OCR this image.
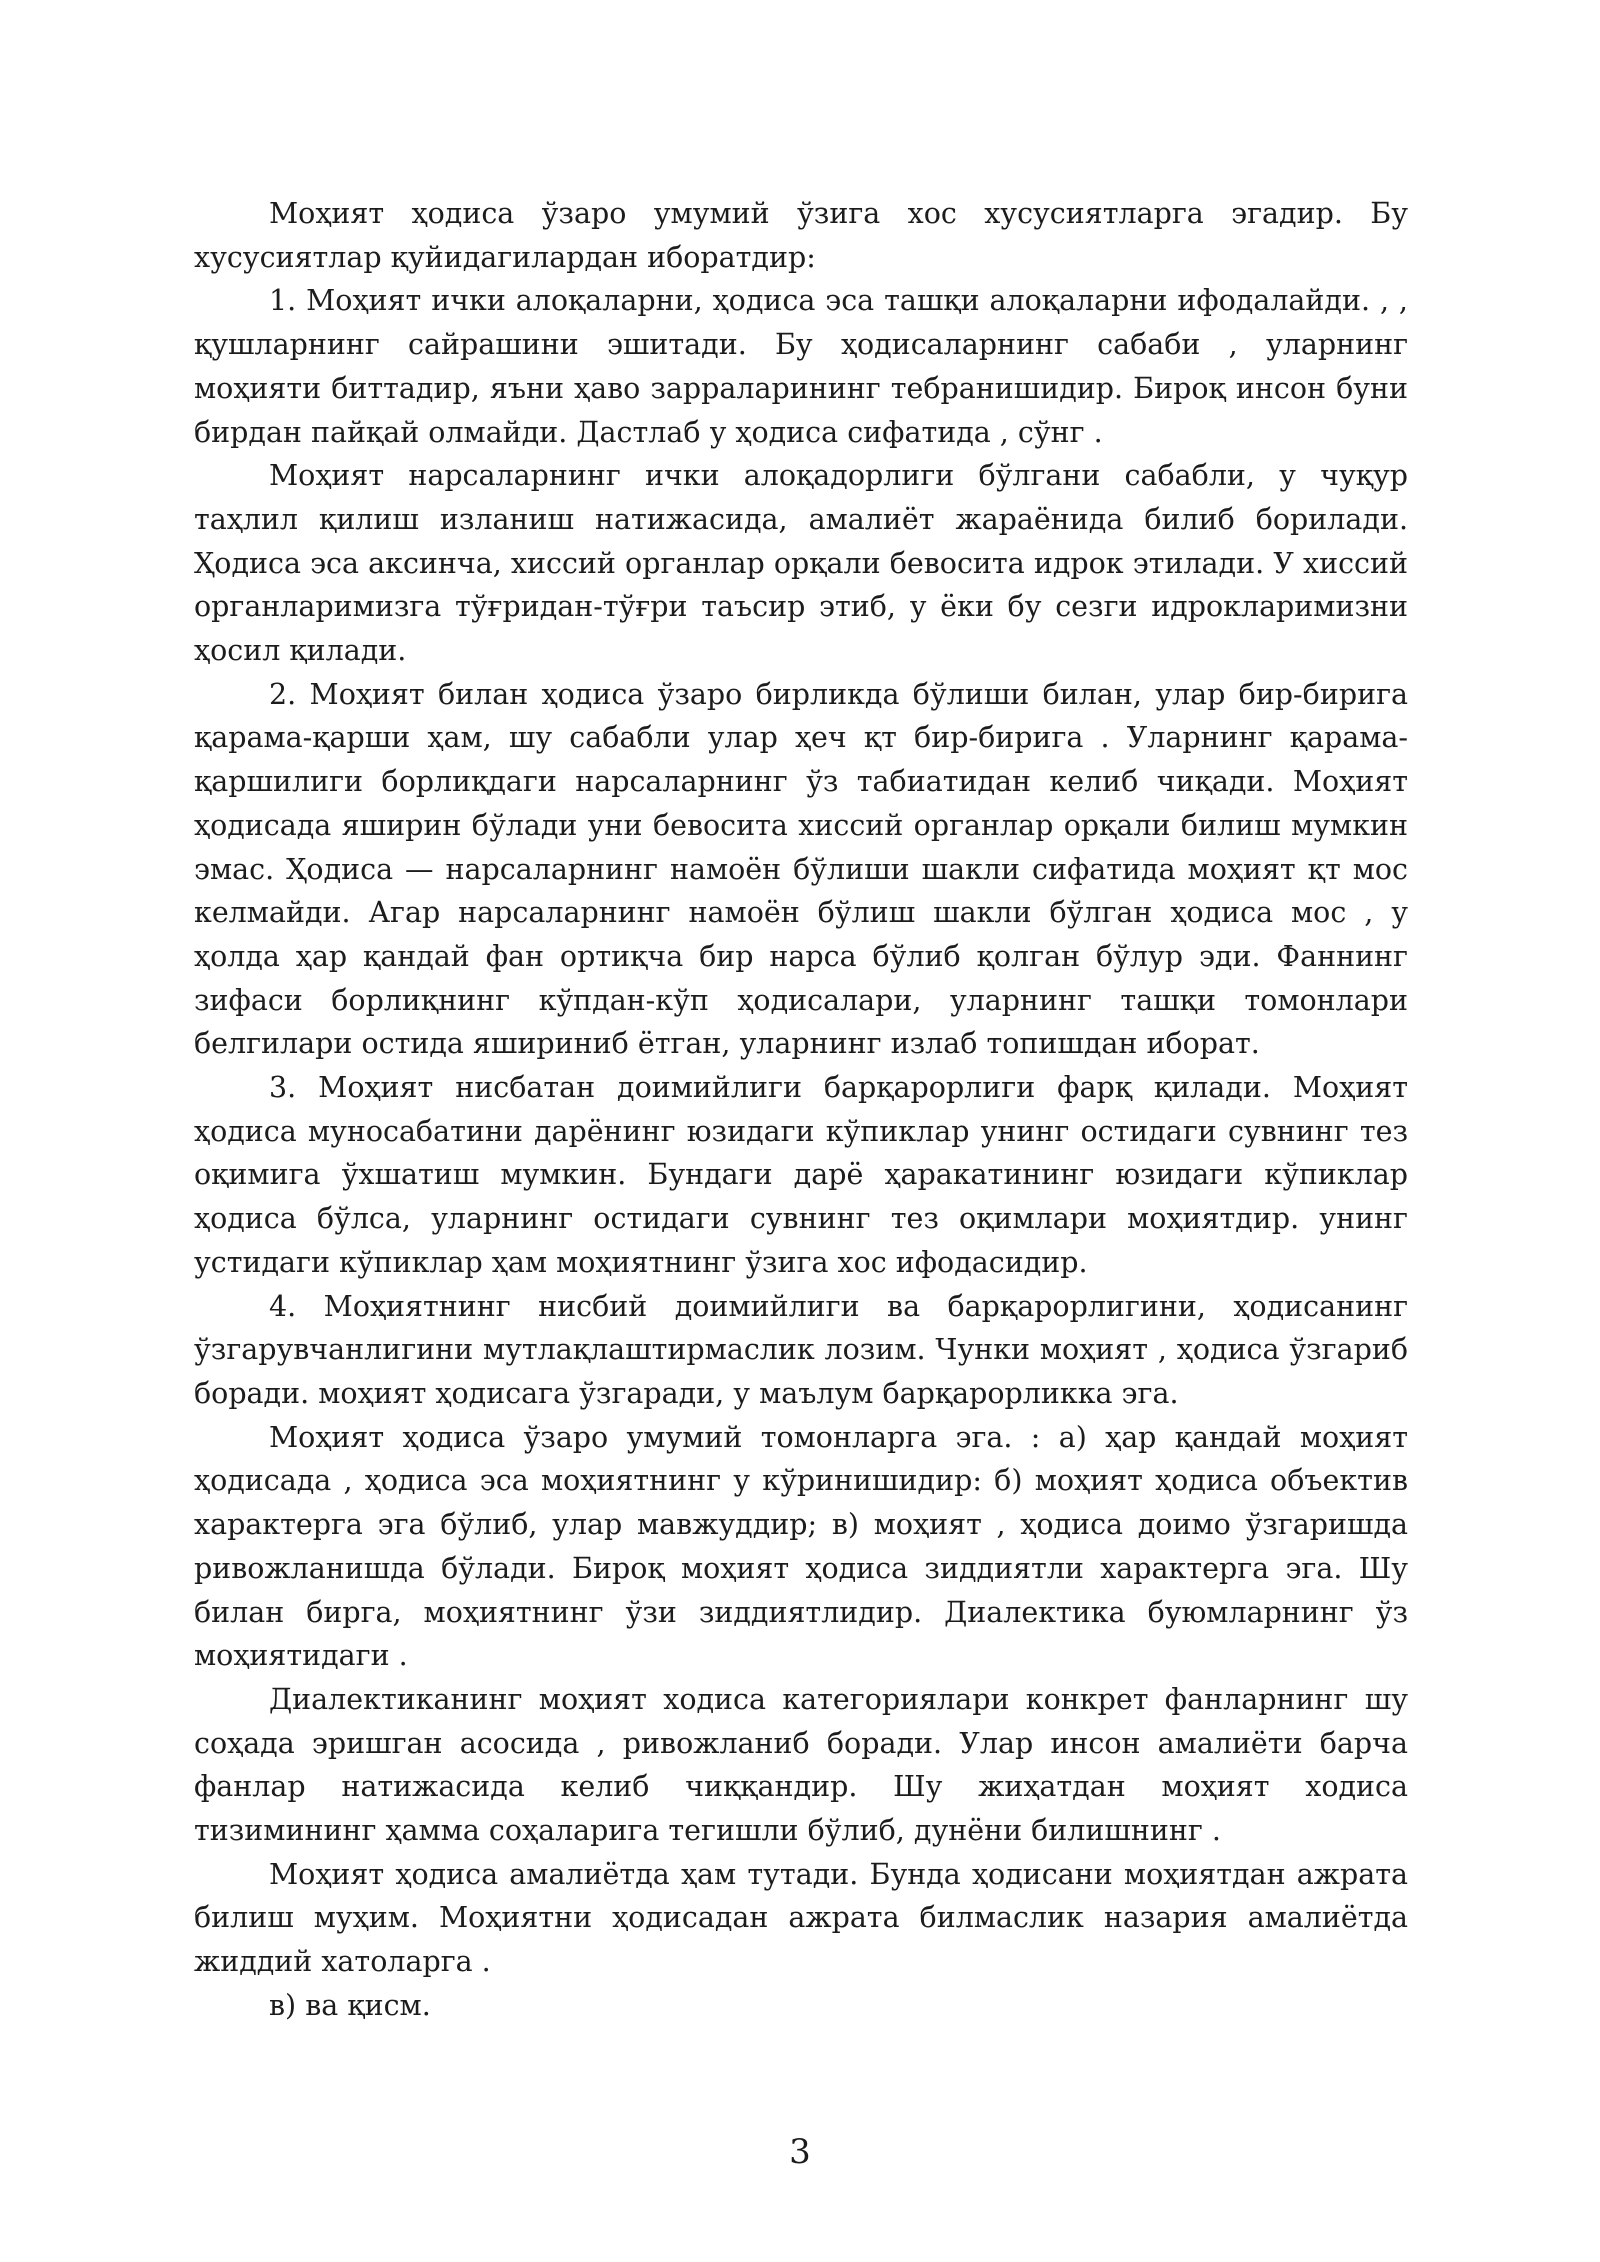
Моҳият ҳодиса ўзаро умумий ўзига хос хусусиятларга эгадир. Бу хусусиятлар қуйидагилардан иборатдир:

1. Моҳият ички алоқаларни, ҳодиса эса ташқи алоқаларни ифодалайди. , , қушларнинг сайрашини эшитади. Бу ҳодисаларнинг сабаби , уларнинг моҳияти биттадир, яъни ҳаво зарраларининг тебранишидир. Бироқ инсон буни бирдан пайқай олмайди. Дастлаб у ҳодиса сифатида , сўнг .

Моҳият нарсаларнинг ички алоқадорлиги бўлгани сабабли, у чуқур таҳлил қилиш изланиш натижасида, амалиёт жараёнида билиб борилади. Ҳодиса эса аксинча, хиссий органлар орқали бевосита идрок этилади. У хиссий органларимизга тўғридан-тўғри таъсир этиб, у ёки бу сезги идрокларимизни ҳосил қилади.

2. Моҳият билан ҳодиса ўзаро бирликда бўлиши билан, улар бир-бирига қарама-қарши ҳам, шу сабабли улар ҳеч қт бир-бирига . Уларнинг қарама-қаршилиги борлиқдаги нарсаларнинг ўз табиатидан келиб чиқади. Моҳият ҳодисада яширин бўлади уни бевосита хиссий органлар орқали билиш мумкин эмас. Ҳодиса — нарсаларнинг намоён бўлиши шакли сифатида моҳият қт мос келмайди. Агар нарсаларнинг намоён бўлиш шакли бўлган ҳодиса мос , у ҳолда ҳар қандай фан ортиқча бир нарса бўлиб қолган бўлур эди. Фаннинг зифаси борлиқнинг кўпдан-кўп ҳодисалари, уларнинг ташқи томонлари белгилари остида яшириниб ётган, уларнинг излаб топишдан иборат.

3. Моҳият нисбатан доимийлиги барқарорлиги фарқ қилади. Моҳият ҳодиса муносабатини дарёнинг юзидаги кўпиклар унинг остидаги сувнинг тез оқимига ўхшатиш мумкин. Бундаги дарё ҳаракатининг юзидаги кўпиклар ҳодиса бўлса, уларнинг остидаги сувнинг тез оқимлари моҳиятдир. унинг устидаги кўпиклар ҳам моҳиятнинг ўзига хос ифодасидир.

4. Моҳиятнинг нисбий доимийлиги ва барқарорлигини, ҳодисанинг ўзгарувчанлигини мутлақлаштирмаслик лозим. Чунки моҳият , ҳодиса ўзгариб боради. моҳият ҳодисага ўзгаради, у маълум барқарорликка эга.

Моҳият ҳодиса ўзаро умумий томонларга эга. : а) ҳар қандай моҳият ҳодисада , ҳодиса эса моҳиятнинг у кўринишидир: б) моҳият ҳодиса объектив характерга эга бўлиб, улар мавжуддир; в) моҳият , ҳодиса доимо ўзгаришда ривожланишда бўлади. Бироқ моҳият ҳодиса зиддиятли характерга эга. Шу билан бирга, моҳиятнинг ўзи зиддиятлидир. Диалектика буюмларнинг ўз моҳиятидаги .

Диалектиканинг моҳият ходиса категориялари конкрет фанларнинг шу соҳада эришган асосида , ривожланиб боради. Улар инсон амалиёти барча фанлар натижасида келиб чиққандир. Шу жиҳатдан моҳият ходиса тизимининг ҳамма соҳаларига тегишли бўлиб, дунёни билишнинг .

Моҳият ҳодиса амалиётда ҳам тутади. Бунда ҳодисани моҳиятдан ажрата билиш муҳим. Моҳиятни ҳодисадан ажрата билмаслик назария амалиётда жиддий хатоларга .

в) ва қисм.

3
